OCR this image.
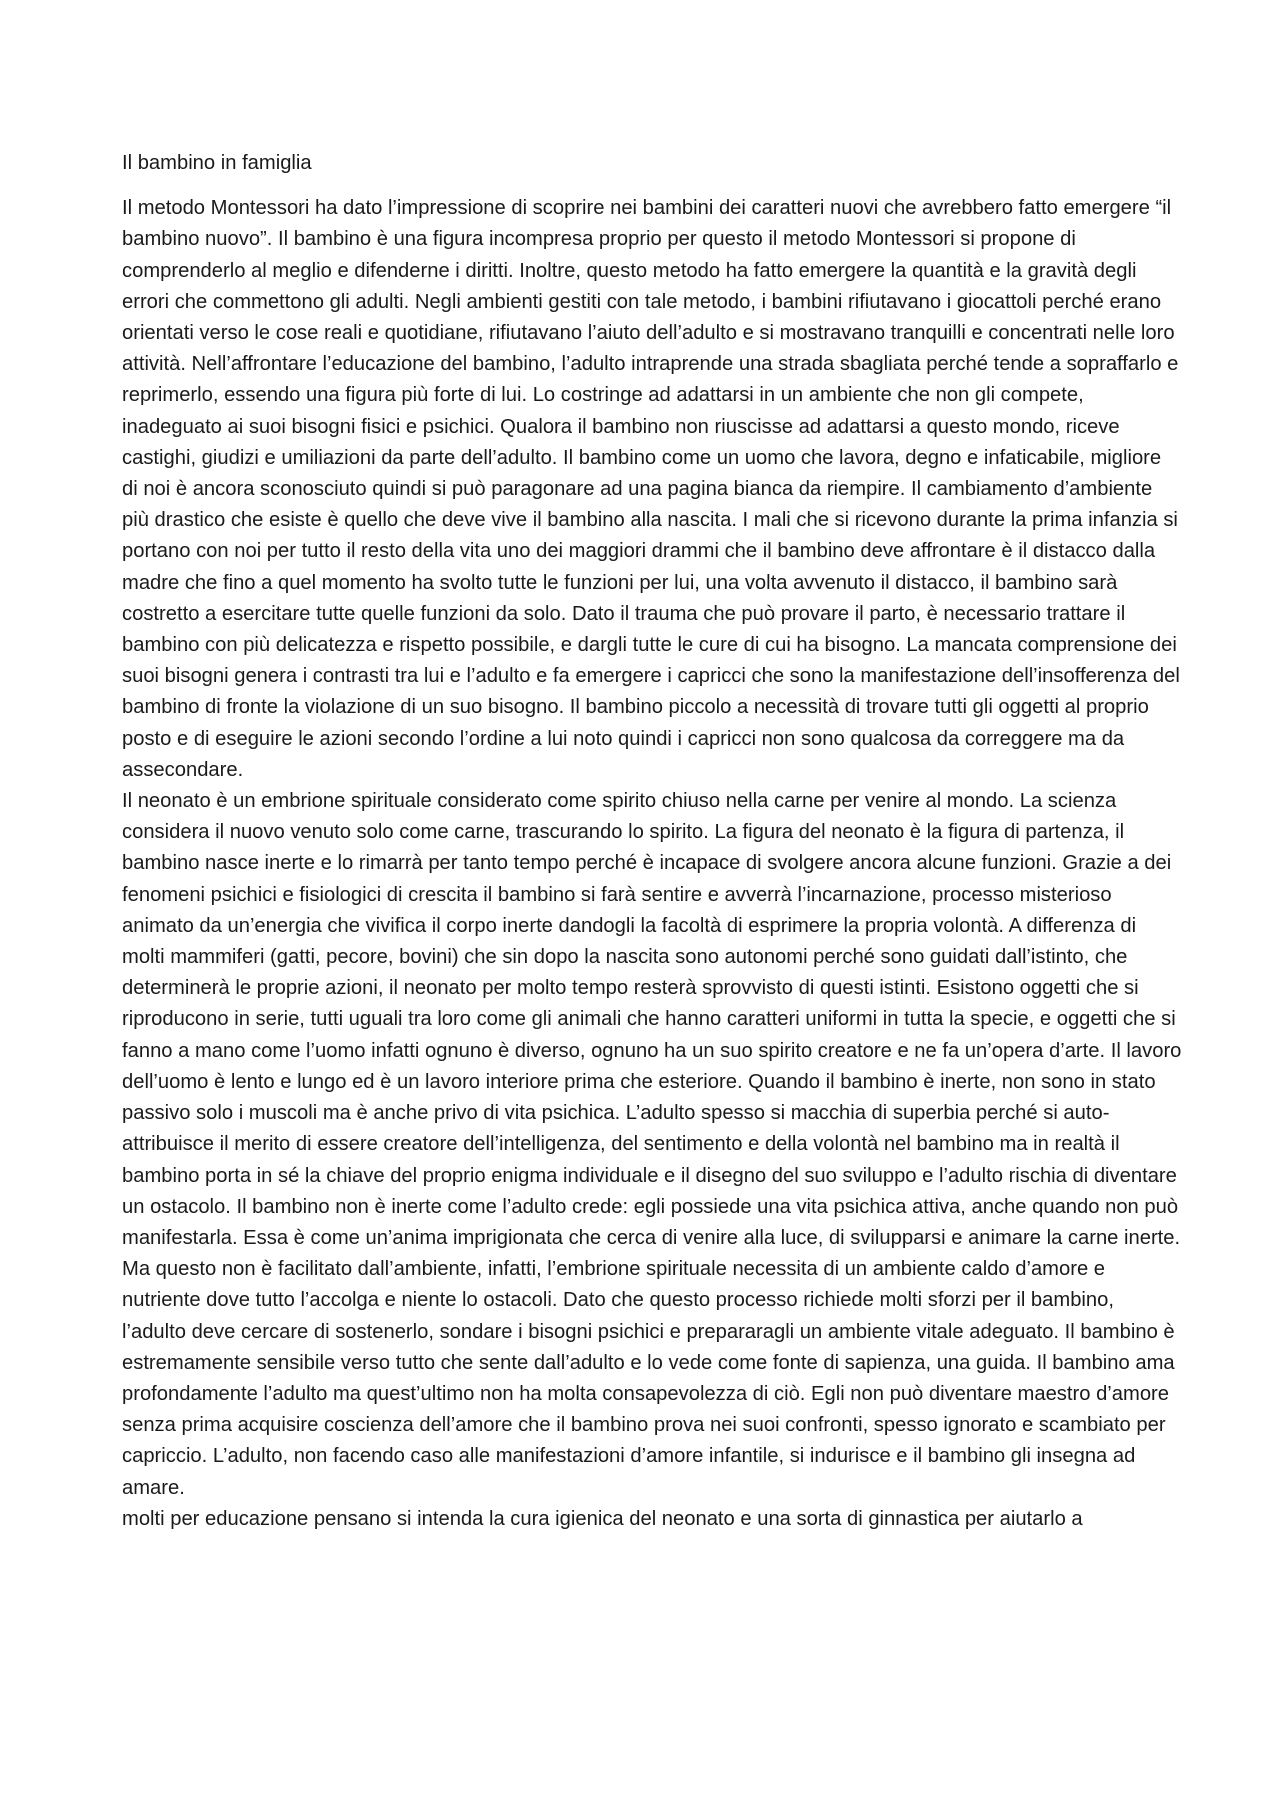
Il bambino in famiglia

Il metodo Montessori ha dato l’impressione di scoprire nei bambini dei caratteri nuovi che avrebbero fatto emergere “il bambino nuovo”. Il bambino è una figura incompresa proprio per questo il metodo Montessori si propone di comprenderlo al meglio e difenderne i diritti. Inoltre, questo metodo ha fatto emergere la quantità e la gravità degli errori che commettono gli adulti. Negli ambienti gestiti con tale metodo, i bambini rifiutavano i giocattoli perché erano orientati verso le cose reali e quotidiane, rifiutavano l’aiuto dell’adulto e si mostravano tranquilli e concentrati nelle loro attività. Nell’affrontare l’educazione del bambino, l’adulto intraprende una strada sbagliata perché tende a sopraffarlo e reprimerlo, essendo una figura più forte di lui. Lo costringe ad adattarsi in un ambiente che non gli compete, inadeguato ai suoi bisogni fisici e psichici. Qualora il bambino non riuscisse ad adattarsi a questo mondo, riceve castighi, giudizi e umiliazioni da parte dell’adulto. Il bambino come un uomo che lavora, degno e infaticabile, migliore di noi è ancora sconosciuto quindi si può paragonare ad una pagina bianca da riempire. Il cambiamento d’ambiente più drastico che esiste è quello che deve vive il bambino alla nascita. I mali che si ricevono durante la prima infanzia si portano con noi per tutto il resto della vita uno dei maggiori drammi che il bambino deve affrontare è il distacco dalla madre che fino a quel momento ha svolto tutte le funzioni per lui, una volta avvenuto il distacco, il bambino sarà costretto a esercitare tutte quelle funzioni da solo. Dato il trauma che può provare il parto, è necessario trattare il bambino con più delicatezza e rispetto possibile, e dargli tutte le cure di cui ha bisogno. La mancata comprensione dei suoi bisogni genera i contrasti tra lui e l’adulto e fa emergere i capricci che sono la manifestazione dell’insofferenza del bambino di fronte la violazione di un suo bisogno. Il bambino piccolo a necessità di trovare tutti gli oggetti al proprio posto e di eseguire le azioni secondo l’ordine a lui noto quindi i capricci non sono qualcosa da correggere ma da assecondare.

Il neonato è un embrione spirituale considerato come spirito chiuso nella carne per venire al mondo. La scienza considera il nuovo venuto solo come carne, trascurando lo spirito. La figura del neonato è la figura di partenza, il bambino nasce inerte e lo rimarrà per tanto tempo perché è incapace di svolgere ancora alcune funzioni. Grazie a dei fenomeni psichici e fisiologici di crescita il bambino si farà sentire e avverrà l’incarnazione, processo misterioso animato da un’energia che vivifica il corpo inerte dandogli la facoltà di esprimere la propria volontà. A differenza di molti mammiferi (gatti, pecore, bovini) che sin dopo la nascita sono autonomi perché sono guidati dall’istinto, che determinerà le proprie azioni, il neonato per molto tempo resterà sprovvisto di questi istinti. Esistono oggetti che si riproducono in serie, tutti uguali tra loro come gli animali che hanno caratteri uniformi in tutta la specie, e oggetti che si fanno a mano come l’uomo infatti ognuno è diverso, ognuno ha un suo spirito creatore e ne fa un’opera d’arte. Il lavoro dell’uomo è lento e lungo ed è un lavoro interiore prima che esteriore. Quando il bambino è inerte, non sono in stato passivo solo i muscoli ma è anche privo di vita psichica. L’adulto spesso si macchia di superbia perché si auto-attribuisce il merito di essere creatore dell’intelligenza, del sentimento e della volontà nel bambino ma in realtà il bambino porta in sé la chiave del proprio enigma individuale e il disegno del suo sviluppo e l’adulto rischia di diventare un ostacolo. Il bambino non è inerte come l’adulto crede: egli possiede una vita psichica attiva, anche quando non può manifestarla. Essa è come un’anima imprigionata che cerca di venire alla luce, di svilupparsi e animare la carne inerte. Ma questo non è facilitato dall’ambiente, infatti, l’embrione spirituale necessita di un ambiente caldo d’amore e nutriente dove tutto l’accolga e niente lo ostacoli. Dato che questo processo richiede molti sforzi per il bambino, l’adulto deve cercare di sostenerlo, sondare i bisogni psichici e prepararagli un ambiente vitale adeguato. Il bambino è estremamente sensibile verso tutto che sente dall’adulto e lo vede come fonte di sapienza, una guida. Il bambino ama profondamente l’adulto ma quest’ultimo non ha molta consapevolezza di ciò. Egli non può diventare maestro d’amore senza prima acquisire coscienza dell’amore che il bambino prova nei suoi confronti, spesso ignorato e scambiato per capriccio. L’adulto, non facendo caso alle manifestazioni d’amore infantile, si indurisce e il bambino gli insegna ad amare.

molti per educazione pensano si intenda la cura igienica del neonato e una sorta di ginnastica per aiutarlo a
